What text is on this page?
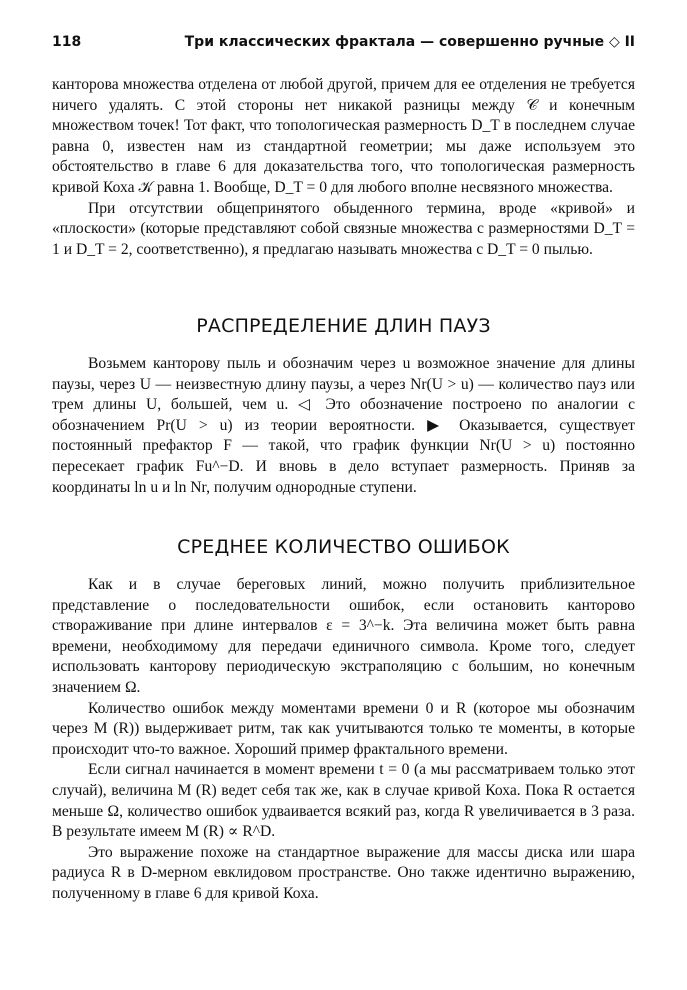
118	Три классических фрактала — совершенно ручные ◇ II

канторова множества отделена от любой другой, причем для ее отделения не требуется ничего удалять. С этой стороны нет никакой разницы между 𝒞 и конечным множеством точек! Тот факт, что топологическая размерность D_T в последнем случае равна 0, известен нам из стандартной геометрии; мы даже используем это обстоятельство в главе 6 для доказательства того, что топологическая размерность кривой Коха 𝒦 равна 1. Вообще, D_T = 0 для любого вполне несвязного множества.

При отсутствии общепринятого обыденного термина, вроде «кривой» и «плоскости» (которые представляют собой связные множества с размерностями D_T = 1 и D_T = 2, соответственно), я предлагаю называть множества с D_T = 0 пылью.

РАСПРЕДЕЛЕНИЕ ДЛИН ПАУЗ

Возьмем канторову пыль и обозначим через u возможное значение для длины паузы, через U — неизвестную длину паузы, а через Nr(U > u) — количество пауз или трем длины U, большей, чем u. ◁ Это обозначение построено по аналогии с обозначением Pr(U > u) из теории вероятности. ▶ Оказывается, существует постоянный префактор F — такой, что график функции Nr(U > u) постоянно пересекает график Fu^−D. И вновь в дело вступает размерность. Приняв за координаты ln u и ln Nr, получим однородные ступени.

СРЕДНЕЕ КОЛИЧЕСТВО ОШИБОК

Как и в случае береговых линий, можно получить приблизительное представление о последовательности ошибок, если остановить канторово створаживание при длине интервалов ε = 3^−k. Эта величина может быть равна времени, необходимому для передачи единичного символа. Кроме того, следует использовать канторову периодическую экстраполяцию с большим, но конечным значением Ω.

Количество ошибок между моментами времени 0 и R (которое мы обозначим через M (R)) выдерживает ритм, так как учитываются только те моменты, в которые происходит что-то важное. Хороший пример фрактального времени.

Если сигнал начинается в момент времени t = 0 (а мы рассматриваем только этот случай), величина M (R) ведет себя так же, как в случае кривой Коха. Пока R остается меньше Ω, количество ошибок удваивается всякий раз, когда R увеличивается в 3 раза. В результате имеем M (R) ∝ R^D.

Это выражение похоже на стандартное выражение для массы диска или шара радиуса R в D-мерном евклидовом пространстве. Оно также идентично выражению, полученному в главе 6 для кривой Коха.
